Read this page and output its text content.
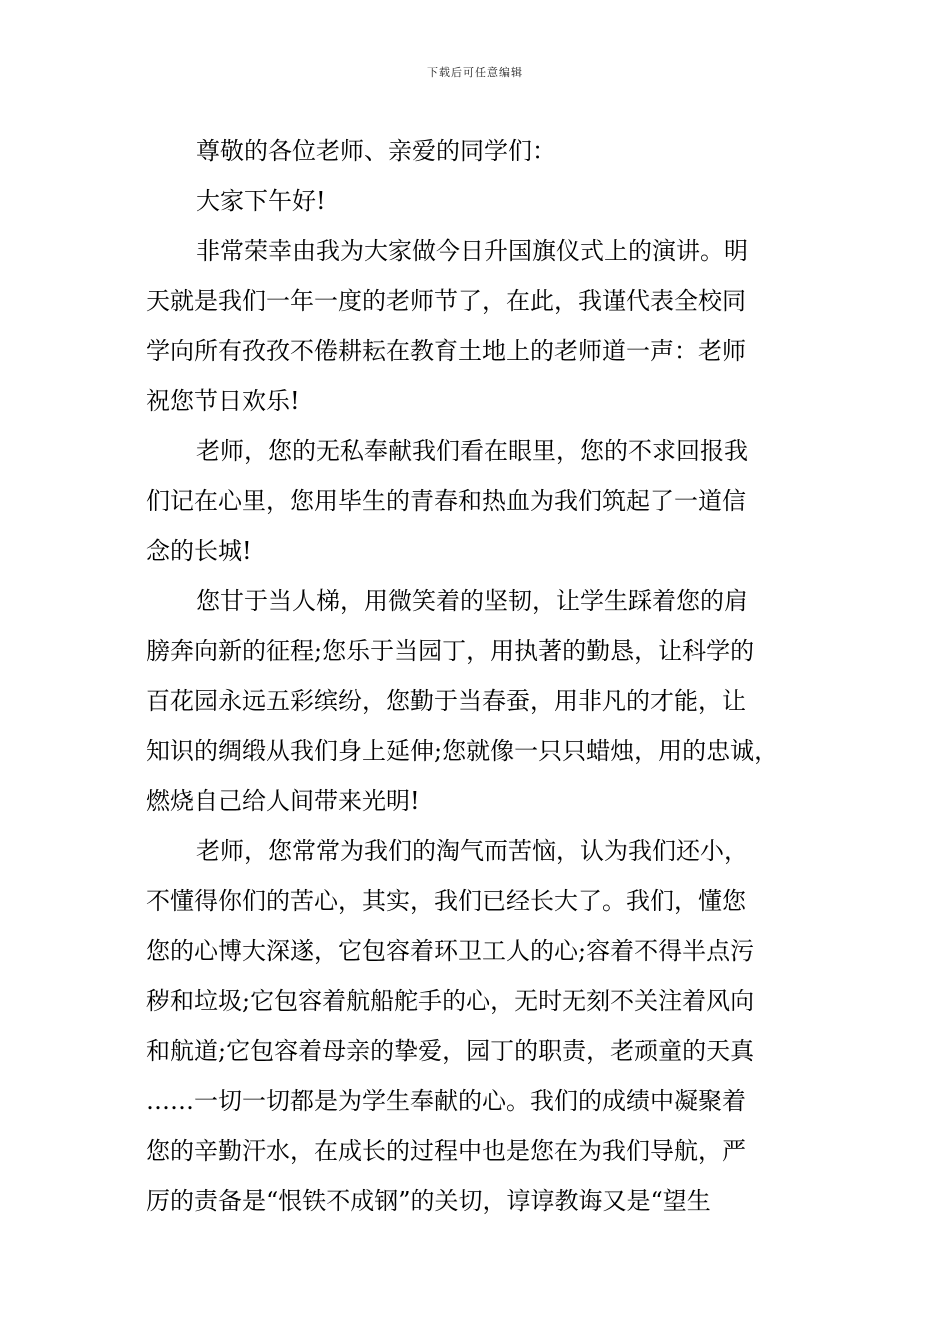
下载后可任意编辑
尊敬的各位老师、亲爱的同学们：
大家下午好!
非常荣幸由我为大家做今日升国旗仪式上的演讲。明
天就是我们一年一度的老师节了，在此，我谨代表全校同
学向所有孜孜不倦耕耘在教育土地上的老师道一声：老师
祝您节日欢乐!
老师，您的无私奉献我们看在眼里，您的不求回报我
们记在心里，您用毕生的青春和热血为我们筑起了一道信
念的长城!
您甘于当人梯，用微笑着的坚韧，让学生踩着您的肩
膀奔向新的征程;您乐于当园丁，用执著的勤恳，让科学的
百花园永远五彩缤纷，您勤于当春蚕，用非凡的才能，让
知识的绸缎从我们身上延伸;您就像一只只蜡烛，用的忠诚，
燃烧自己给人间带来光明!
老师，您常常为我们的淘气而苦恼，认为我们还小，
不懂得你们的苦心，其实，我们已经长大了。我们，懂您
您的心博大深遂，它包容着环卫工人的心;容着不得半点污
秽和垃圾;它包容着航船舵手的心，无时无刻不关注着风向
和航道;它包容着母亲的挚爱，园丁的职责，老顽童的天真
……一切一切都是为学生奉献的心。我们的成绩中凝聚着
您的辛勤汗水，在成长的过程中也是您在为我们导航，严
厉的责备是“恨铁不成钢”的关切，谆谆教诲又是“望生
